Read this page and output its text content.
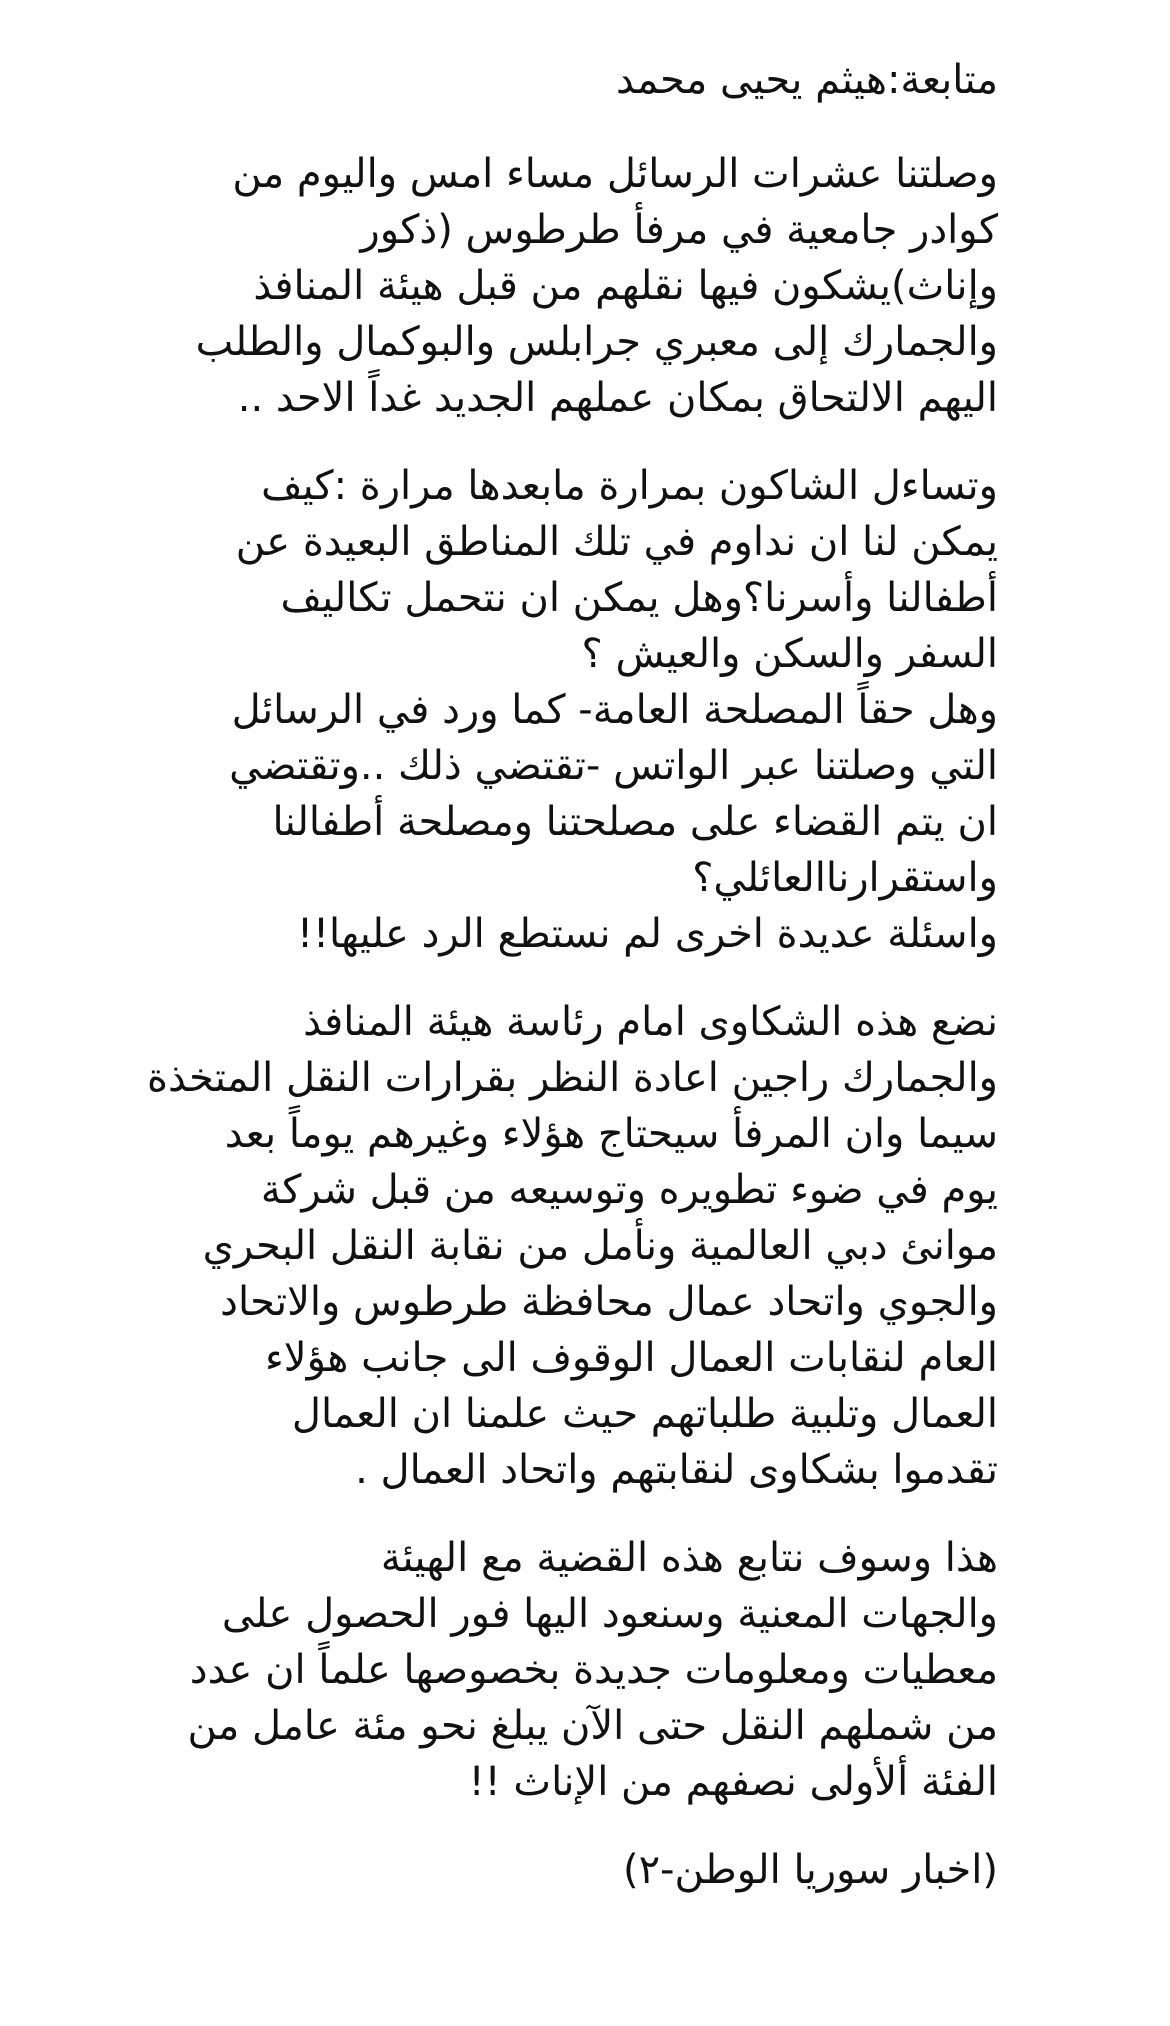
متابعة:هيثم يحيى محمد
وصلتنا عشرات الرسائل مساء امس واليوم من
كوادر جامعية في مرفأ طرطوس (ذكور
وإناث)يشكون فيها نقلهم من قبل هيئة المنافذ
والجمارك إلى معبري جرابلس والبوكمال والطلب
اليهم الالتحاق بمكان عملهم الجديد غداً الاحد ..
وتساءل الشاكون بمرارة مابعدها مرارة :كيف
يمكن لنا ان نداوم في تلك المناطق البعيدة عن
أطفالنا وأسرنا؟وهل يمكن ان نتحمل تكاليف
السفر والسكن والعيش ؟
وهل حقاً المصلحة العامة- كما ورد في الرسائل
التي وصلتنا عبر الواتس -تقتضي ذلك ..وتقتضي
ان يتم القضاء على مصلحتنا ومصلحة أطفالنا
واستقرارناالعائلي؟
واسئلة عديدة اخرى لم نستطع الرد عليها!!
نضع هذه الشكاوى امام رئاسة هيئة المنافذ
والجمارك راجين اعادة النظر بقرارات النقل المتخذة
سيما وان المرفأ سيحتاج هؤلاء وغيرهم يوماً بعد
يوم في ضوء تطويره وتوسيعه من قبل شركة
موانئ دبي العالمية ونأمل من نقابة النقل البحري
والجوي واتحاد عمال محافظة طرطوس والاتحاد
العام لنقابات العمال الوقوف الى جانب هؤلاء
العمال وتلبية طلباتهم حيث علمنا ان العمال
تقدموا بشكاوى لنقابتهم واتحاد العمال .
هذا وسوف نتابع هذه القضية مع الهيئة
والجهات المعنية وسنعود اليها فور الحصول على
معطيات ومعلومات جديدة بخصوصها علماً ان عدد
من شملهم النقل حتى الآن يبلغ نحو مئة عامل من
الفئة ألأولى نصفهم من الإناث !!
(اخبار سوريا الوطن-٢)
